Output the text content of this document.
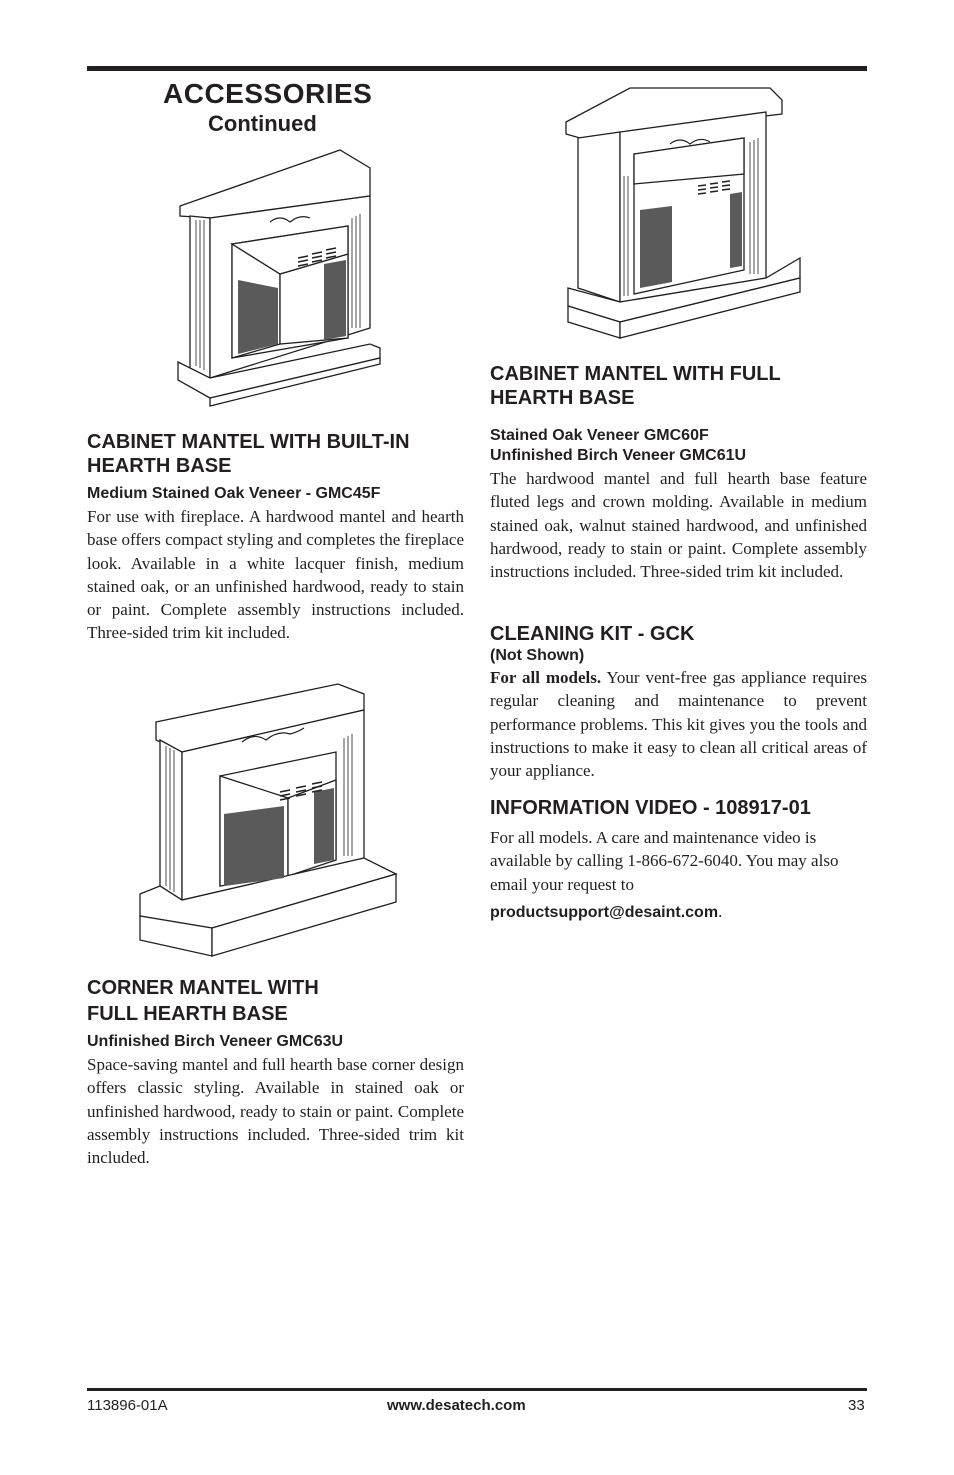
ACCESSORIES
Continued

CABINET MANTEL WITH BUILT-IN HEARTH BASE

Medium Stained Oak Veneer - GMC45F

For use with fireplace. A hardwood mantel and hearth base offers compact styling and completes the fireplace look. Available in a white lacquer finish, medium stained oak, or an unfinished hardwood, ready to stain or paint. Complete assembly instructions included. Three-sided trim kit included.

CORNER MANTEL WITH

FULL HEARTH BASE

Unfinished Birch Veneer GMC63U

Space-saving mantel and full hearth base corner design offers classic styling. Available in stained oak or unfinished hardwood, ready to stain or paint. Complete assembly instructions included. Three-sided trim kit included.

CABINET MANTEL WITH FULL HEARTH BASE

Stained Oak Veneer GMC60F

Unfinished Birch Veneer GMC61U

The hardwood mantel and full hearth base feature fluted legs and crown molding. Available in medium stained oak, walnut stained hardwood, and unfinished hardwood, ready to stain or paint. Complete assembly instructions included. Three-sided trim kit included.

CLEANING KIT - GCK

(Not Shown)

For all models. Your vent-free gas appliance requires regular cleaning and maintenance to prevent performance problems. This kit gives you the tools and instructions to make it easy to clean all critical areas of your appliance.

INFORMATION VIDEO - 108917-01

For all models. A care and maintenance video is available by calling 1-866-672-6040. You may also email your request to

productsupport@desaint.com.

113896-01A	www.desatech.com	33
